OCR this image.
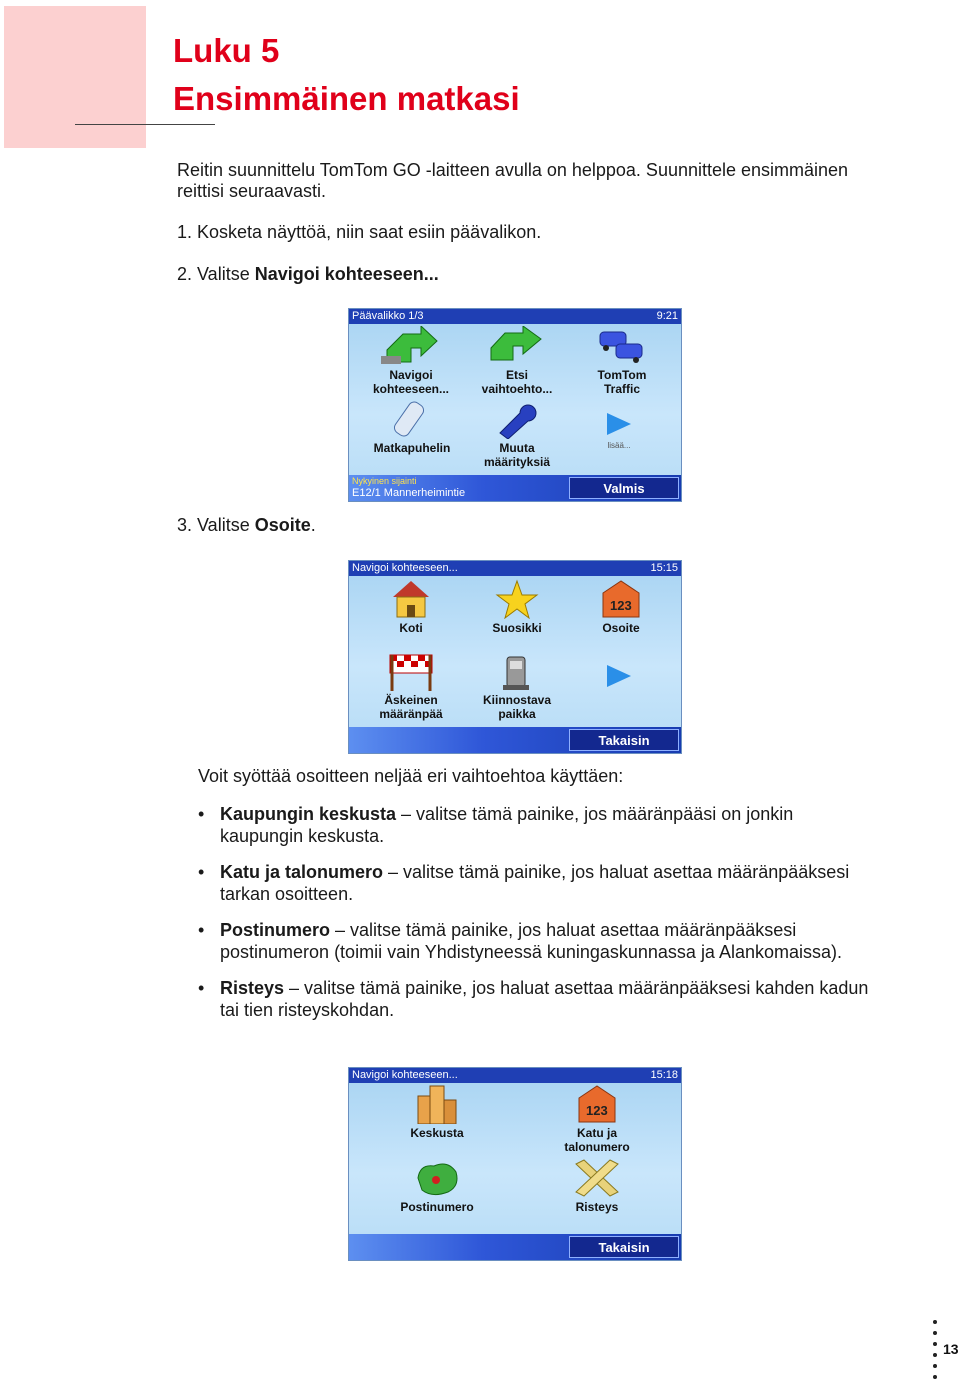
Luku 5
Ensimmäinen matkasi
Reitin suunnittelu TomTom GO -laitteen avulla on helppoa. Suunnittele ensimmäinen reittisi seuraavasti.
1. Kosketa näyttöä, niin saat esiin päävalikon.
2. Valitse Navigoi kohteeseen...
Päävalikko 1/3	9:21
Navigoi
kohteeseen...
Etsi
vaihtoehto...
TomTom
Traffic
Matkapuhelin	Muuta
määrityksiä
lisää...
Nykyinen sijainti
E12/1 Mannerheimintie	Valmis
3. Valitse Osoite.
Navigoi kohteeseen...	15:15
Koti	Suosikki
123
Osoite
Äskeinen
määränpää
Kiinnostava
paikka
Takaisin
Voit syöttää osoitteen neljää eri vaihtoehtoa käyttäen:
• Kaupungin keskusta – valitse tämä painike, jos määränpääsi on jonkin kaupungin keskusta.
• Katu ja talonumero – valitse tämä painike, jos haluat asettaa määränpääksesi tarkan osoitteen.
• Postinumero – valitse tämä painike, jos haluat asettaa määränpääksesi postinumeron (toimii vain Yhdistyneessä kuningaskunnassa ja Alankomaissa).
• Risteys – valitse tämä painike, jos haluat asettaa määränpääksesi kahden kadun tai tien risteyskohdan.
Navigoi kohteeseen...	15:18
Keskusta
123
Katu ja
talonumero
Postinumero	Risteys
Takaisin
13
